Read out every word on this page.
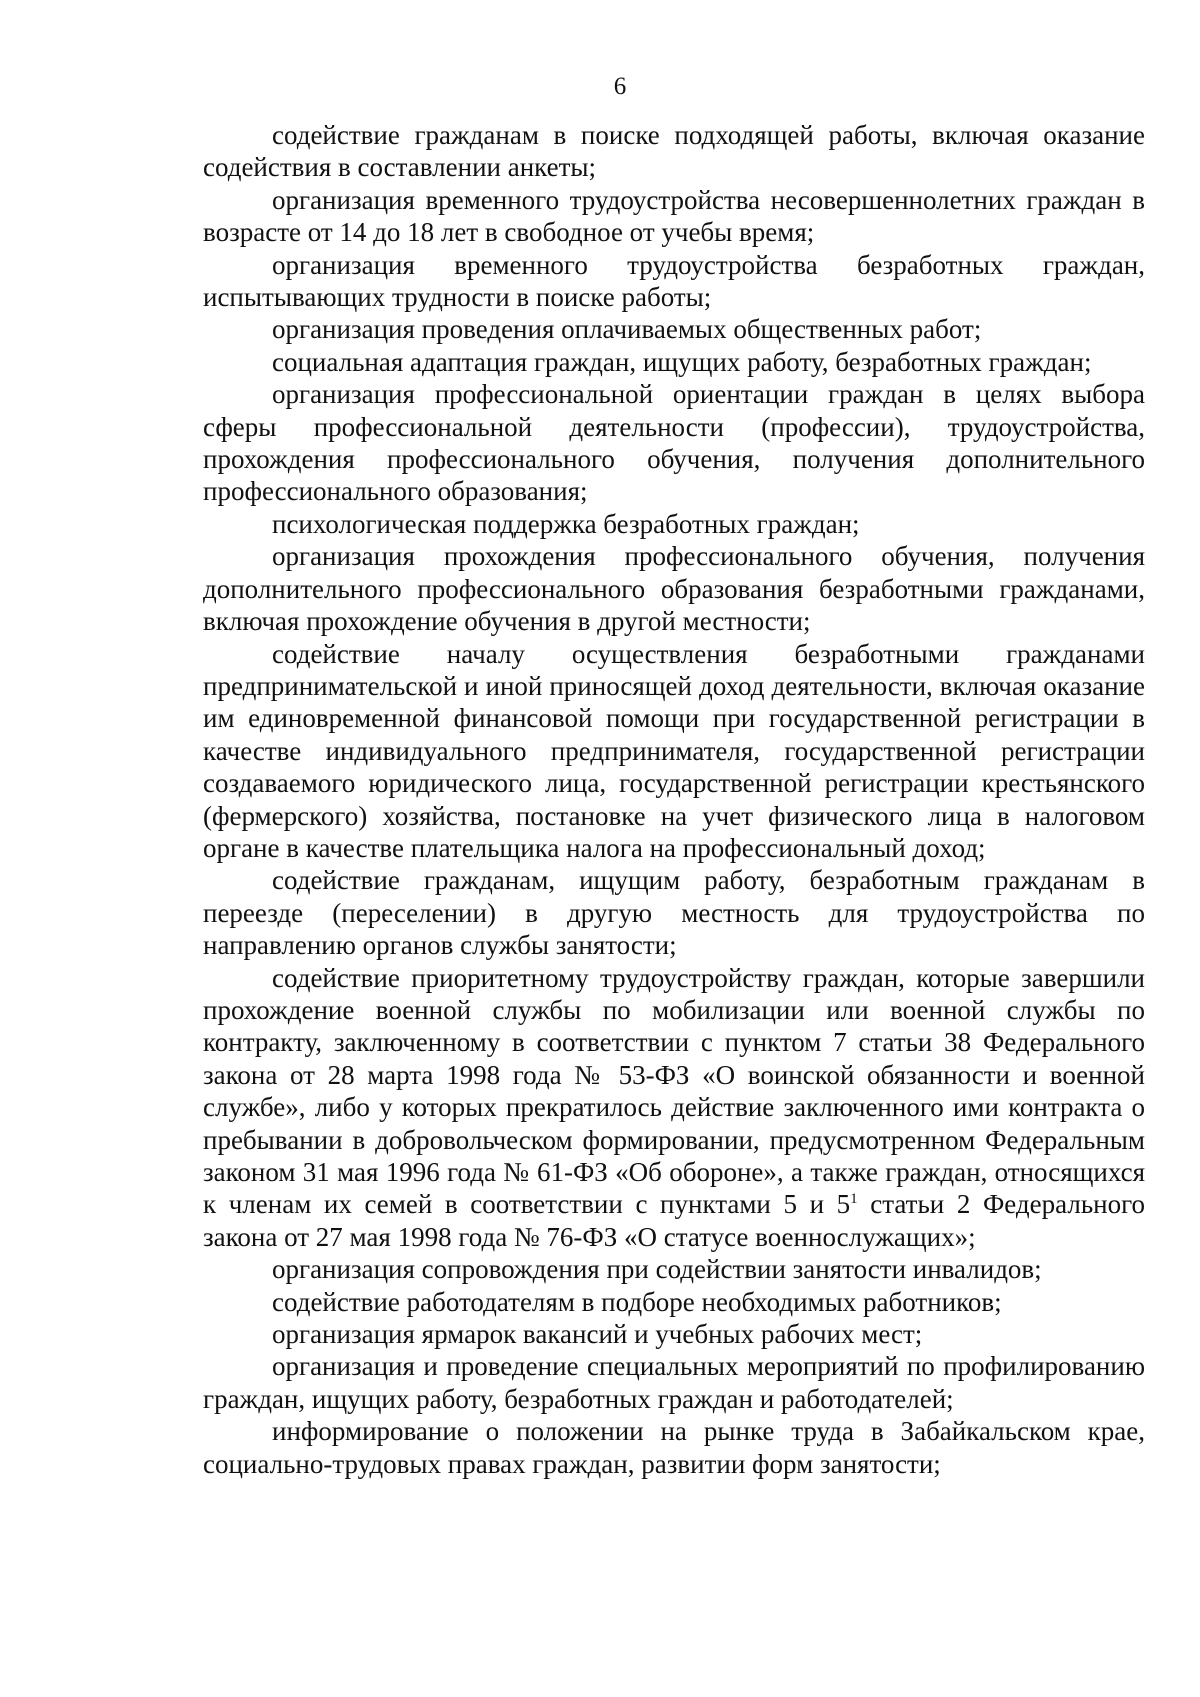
6

содействие гражданам в поиске подходящей работы, включая оказание содействия в составлении анкеты;

организация временного трудоустройства несовершеннолетних граждан в возрасте от 14 до 18 лет в свободное от учебы время;

организация временного трудоустройства безработных граждан, испытывающих трудности в поиске работы;

организация проведения оплачиваемых общественных работ;

социальная адаптация граждан, ищущих работу, безработных граждан;

организация профессиональной ориентации граждан в целях выбора сферы профессиональной деятельности (профессии), трудоустройства, прохождения профессионального обучения, получения дополнительного профессионального образования;

психологическая поддержка безработных граждан;

организация прохождения профессионального обучения, получения дополнительного профессионального образования безработными гражданами, включая прохождение обучения в другой местности;

содействие началу осуществления безработными гражданами предпринимательской и иной приносящей доход деятельности, включая оказание им единовременной финансовой помощи при государственной регистрации в качестве индивидуального предпринимателя, государственной регистрации создаваемого юридического лица, государственной регистрации крестьянского (фермерского) хозяйства, постановке на учет физического лица в налоговом органе в качестве плательщика налога на профессиональный доход;

содействие гражданам, ищущим работу, безработным гражданам в переезде (переселении) в другую местность для трудоустройства по направлению органов службы занятости;

содействие приоритетному трудоустройству граждан, которые завершили прохождение военной службы по мобилизации или военной службы по контракту, заключенному в соответствии с пунктом 7 статьи 38 Федерального закона от 28 марта 1998 года № 53-ФЗ «О воинской обязанности и военной службе», либо у которых прекратилось действие заключенного ими контракта о пребывании в добровольческом формировании, предусмотренном Федеральным законом 31 мая 1996 года № 61-ФЗ «Об обороне», а также граждан, относящихся к членам их семей в соответствии с пунктами 5 и $5^1$ статьи 2 Федерального закона от 27 мая 1998 года № 76-ФЗ «О статусе военнослужащих»;

организация сопровождения при содействии занятости инвалидов;

содействие работодателям в подборе необходимых работников;

организация ярмарок вакансий и учебных рабочих мест;

организация и проведение специальных мероприятий по профилированию граждан, ищущих работу, безработных граждан и работодателей;

информирование о положении на рынке труда в Забайкальском крае, социально-трудовых правах граждан, развитии форм занятости;
